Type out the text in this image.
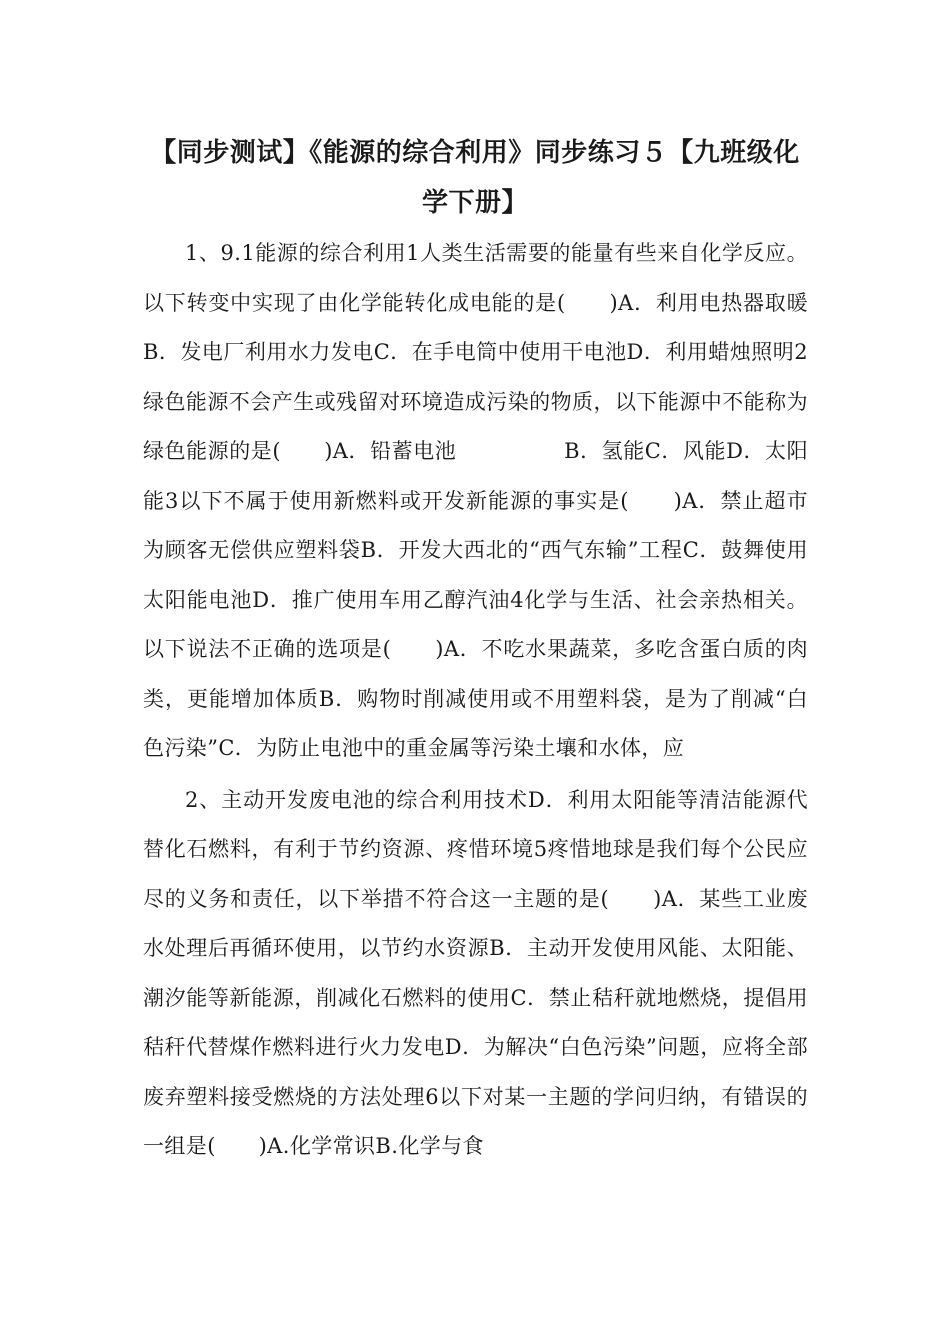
【同步测试】《能源的综合利用》同步练习５【九班级化学下册】

1、9.1能源的综合利用1人类生活需要的能量有些来自化学反应。以下转变中实现了由化学能转化成电能的是(　　)A．利用电热器取暖B．发电厂利用水力发电C．在手电筒中使用干电池D．利用蜡烛照明2绿色能源不会产生或残留对环境造成污染的物质，以下能源中不能称为绿色能源的是(　　)A．铅蓄电池　　　　　B．氢能C．风能D．太阳能3以下不属于使用新燃料或开发新能源的事实是(　　)A．禁止超市为顾客无偿供应塑料袋B．开发大西北的“西气东输”工程C．鼓舞使用太阳能电池D．推广使用车用乙醇汽油4化学与生活、社会亲热相关。以下说法不正确的选项是(　　)A．不吃水果蔬菜，多吃含蛋白质的肉类，更能增加体质B．购物时削减使用或不用塑料袋，是为了削减“白色污染”C．为防止电池中的重金属等污染土壤和水体，应

2、主动开发废电池的综合利用技术D．利用太阳能等清洁能源代替化石燃料，有利于节约资源、疼惜环境5疼惜地球是我们每个公民应尽的义务和责任，以下举措不符合这一主题的是(　　)A．某些工业废水处理后再循环使用，以节约水资源B．主动开发使用风能、太阳能、潮汐能等新能源，削减化石燃料的使用C．禁止秸秆就地燃烧，提倡用秸秆代替煤作燃料进行火力发电D．为解决“白色污染”问题，应将全部废弃塑料接受燃烧的方法处理6以下对某一主题的学问归纳，有错误的一组是(　　)A.化学常识B.化学与食
